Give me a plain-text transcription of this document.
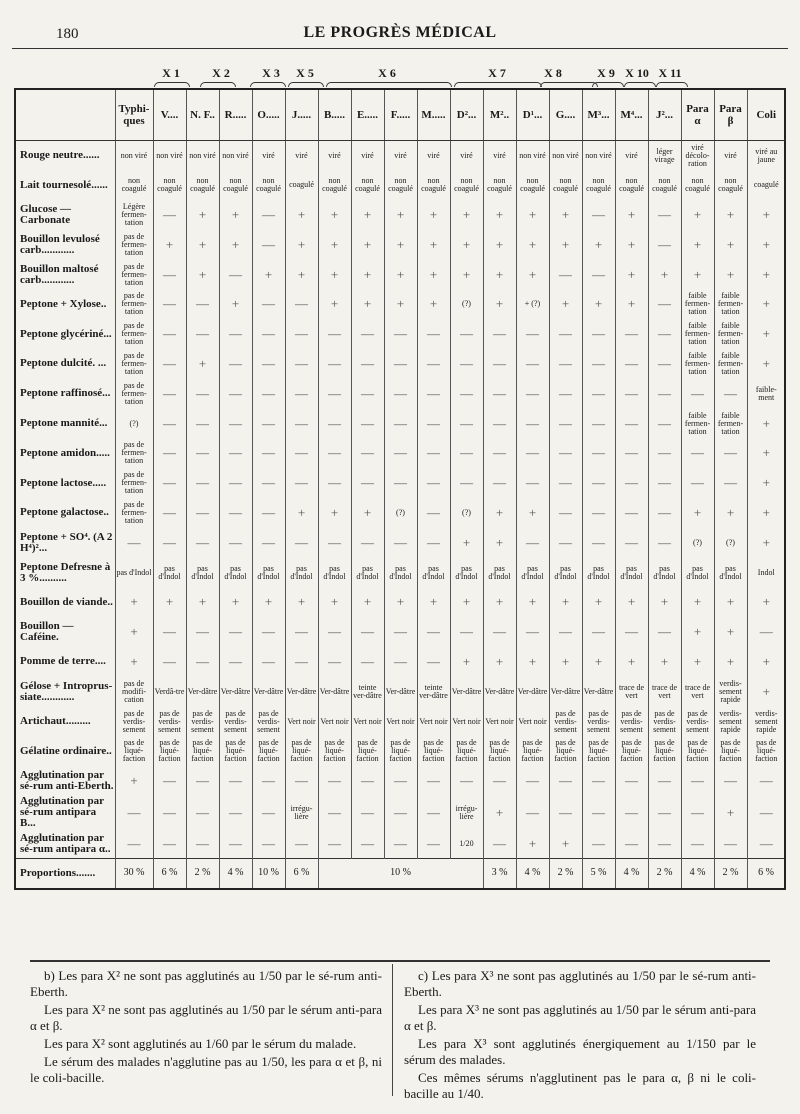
180	LE PROGRÈS MÉDICAL
X 1	X 2	X 3	X 5	X 6	X 7	X 8	X 9 X 10 X 11
	Typhi-ques	V....	N. F..	R.....	O.....	J.....	B.....	E.....	F.....	M.....	D²...	M²..	D¹...	G....	M³...	M⁴...	J²...	Para α	Para β	Coli	
Rouge neutre......	non viré	non viré	non viré	non viré	viré	viré	viré	viré	viré	viré	viré	viré	non viré	non viré	non viré	viré	léger virage	viré décolo-ration	viré	viré au jaune	
Lait tournesolé......	non coagulé	non coagulé	non coagulé	non coagulé	non coagulé	coagulé	non coagulé	non coagulé	non coagulé	non coagulé	non coagulé	non coagulé	non coagulé	non coagulé	non coagulé	non coagulé	non coagulé	non coagulé	non coagulé	coagulé	
Glucose — Carbonate	Légère fermen-tation	—	+	+	—	+	+	+	+	+	+	+	+	+	—	+	—	+	+	+	
Bouillon levulosé carb............	pas de fermen-tation	+	+	+	—	+	+	+	+	+	+	+	+	+	+	+	—	+	+	+	
Bouillon maltosé carb............	pas de fermen-tation	—	+	—	+	+	+	+	+	+	+	+	+	—	—	+	+	+	+	+	
Peptone + Xylose..	pas de fermen-tation	—	—	+	—	—	+	+	+	+	(?)	+	+ (?)	+	+	+	—	faible fermen-tation	faible fermen-tation	+	
Peptone glycériné...	pas de fermen-tation	—	—	—	—	—	—	—	—	—	—	—	—	—	—	—	—	faible fermen-tation	faible fermen-tation	+	
Peptone dulcité. ...	pas de fermen-tation	—	+	—	—	—	—	—	—	—	—	—	—	—	—	—	—	faible fermen-tation	faible fermen-tation	+	
Peptone raffinosé...	pas de fermen-tation	—	—	—	—	—	—	—	—	—	—	—	—	—	—	—	—	—	—	faible-ment	
Peptone mannité...	(?)	—	—	—	—	—	—	—	—	—	—	—	—	—	—	—	—	faible fermen-tation	faible fermen-tation	+	
Peptone amidon.....	pas de fermen-tation	—	—	—	—	—	—	—	—	—	—	—	—	—	—	—	—	—	—	+	
Peptone lactose.....	pas de fermen-tation	—	—	—	—	—	—	—	—	—	—	—	—	—	—	—	—	—	—	+	
Peptone galactose..	pas de fermen-tation	—	—	—	—	+	+	+	(?)	—	(?)	+	+	—	—	—	—	+	+	+	
Peptone + SO⁴. (A 2 H⁴)²...	—	—	—	—	—	—	—	—	—	—	+	+	—	—	—	—	—	(?)	(?)	+	
Peptone Defresne à 3 %..........	pas d'Indol	pas d'Indol	pas d'Indol	pas d'Indol	pas d'Indol	pas d'Indol	pas d'Indol	pas d'Indol	pas d'Indol	pas d'Indol	pas d'Indol	pas d'Indol	pas d'Indol	pas d'Indol	pas d'Indol	pas d'Indol	pas d'Indol	pas d'Indol	pas d'Indol	Indol	
Bouillon de viande..	+	+	+	+	+	+	+	+	+	+	+	+	+	+	+	+	+	+	+	+	
Bouillon — Caféine.	+	—	—	—	—	—	—	—	—	—	—	—	—	—	—	—	—	+	+	—	
Pomme de terre....	+	—	—	—	—	—	—	—	—	—	+	+	+	+	+	+	+	+	+	+	
Gélose + Introprus-siate............	pas de modifi-cation	Verdâ-tre	Ver-dâtre	Ver-dâtre	Ver-dâtre	Ver-dâtre	Ver-dâtre	teinte ver-dâtre	Ver-dâtre	teinte ver-dâtre	Ver-dâtre	Ver-dâtre	Ver-dâtre	Ver-dâtre	Ver-dâtre	trace de vert	trace de vert	trace de vert	verdis-sement rapide	+	
Artichaut.........	pas de verdis-sement	pas de verdis-sement	pas de verdis-sement	pas de verdis-sement	pas de verdis-sement	Vert noir	Vert noir	Vert noir	Vert noir	Vert noir	Vert noir	Vert noir	Vert noir	pas de verdis-sement	pas de verdis-sement	pas de verdis-sement	pas de verdis-sement	pas de verdis-sement	verdis-sement rapide	verdis-sement rapide	
Gélatine ordinaire..	pas de liqué-faction	pas de liqué-faction	pas de liqué-faction	pas de liqué-faction	pas de liqué-faction	pas de liqué-faction	pas de liqué-faction	pas de liqué-faction	pas de liqué-faction	pas de liqué-faction	pas de liqué-faction	pas de liqué-faction	pas de liqué-faction	pas de liqué-faction	pas de liqué-faction	pas de liqué-faction	pas de liqué-faction	pas de liqué-faction	pas de liqué-faction	pas de liqué-faction	
Agglutination par sé-rum anti-Eberth.	+	—	—	—	—	—	—	—	—	—	—	—	—	—	—	—	—	—	—	—	
Agglutination par sé-rum antipara B...	—	—	—	—	—	irrégu-lière	—	—	—	—	irrégu-lière	+	—	—	—	—	—	—	+	—	
Agglutination par sé-rum antipara α..	—	—	—	—	—	—	—	—	—	—	1/20	—	+	+	—	—	—	—	—	—	
Proportions.......	30 %	6 %	2 %	4 %	10 %	6 %	10 %					3 %	4 %	2 %	5 %	4 %	2 %	4 %	2 %	6 %	

b) Les para X² ne sont pas agglutinés au 1/50 par le sé-rum anti-Eberth.

Les para X² ne sont pas agglutinés au 1/50 par le sérum anti-para α et β.

Les para X² sont agglutinés au 1/60 par le sérum du malade.

Le sérum des malades n'agglutine pas au 1/50, les para α et β, ni le coli-bacille.

c) Les para X³ ne sont pas agglutinés au 1/50 par le sé-rum anti-Eberth.

Les para X³ ne sont pas agglutinés au 1/50 par le sérum anti-para α et β.

Les para X³ sont agglutinés énergiquement au 1/150 par le sérum des malades.

Ces mêmes sérums n'agglutinent pas le para α, β ni le coli-bacille au 1/40.
